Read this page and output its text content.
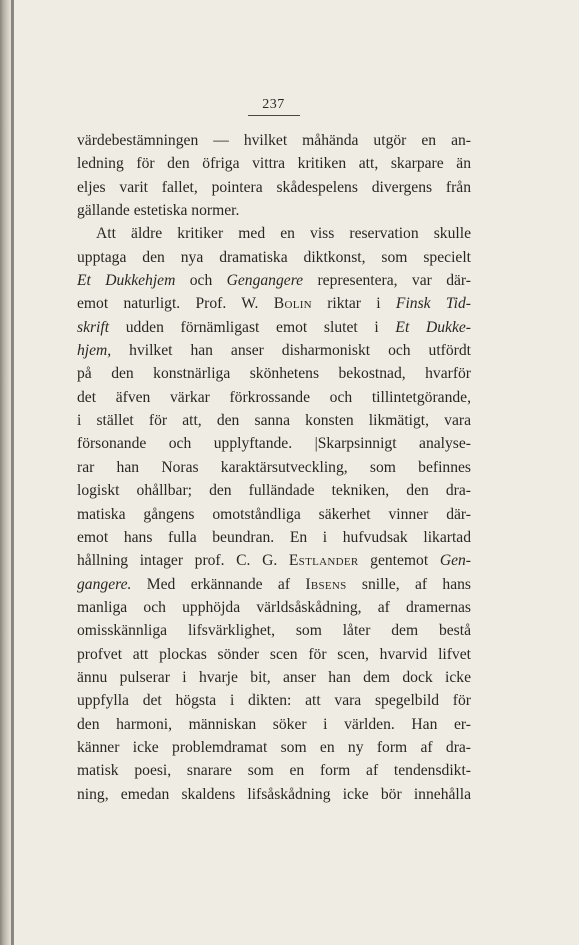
237
värdebestämningen — hvilket måhända utgör en an-
ledning för den öfriga vittra kritiken att, skarpare än
eljes varit fallet, pointera skådespelens divergens från
gällande estetiska normer.
Att äldre kritiker med en viss reservation skulle
upptaga den nya dramatiska diktkonst, som specielt
Et Dukkehjem och Gengangere representera, var där-
emot naturligt. Prof. W. Bolin riktar i Finsk Tid-
skrift udden förnämligast emot slutet i Et Dukke-
hjem, hvilket han anser disharmoniskt och utfördt
på den konstnärliga skönhetens bekostnad, hvarför
det äfven värkar förkrossande och tillintetgörande,
i stället för att, den sanna konsten likmätigt, vara
försonande och upplyftande. |Skarpsinnigt analyse-
rar han Noras karaktärsutveckling, som befinnes
logiskt ohållbar; den fulländade tekniken, den dra-
matiska gångens omotståndliga säkerhet vinner där-
emot hans fulla beundran. En i hufvudsak likartad
hållning intager prof. C. G. Estlander gentemot Gen-
gangere. Med erkännande af Ibsens snille, af hans
manliga och upphöjda världsåskådning, af dramernas
omisskännliga lifsvärklighet, som låter dem bestå
profvet att plockas sönder scen för scen, hvarvid lifvet
ännu pulserar i hvarje bit, anser han dem dock icke
uppfylla det högsta i dikten: att vara spegelbild för
den harmoni, människan söker i världen. Han er-
känner icke problemdramat som en ny form af dra-
matisk poesi, snarare som en form af tendensdikt-
ning, emedan skaldens lifsåskådning icke bör innehålla
